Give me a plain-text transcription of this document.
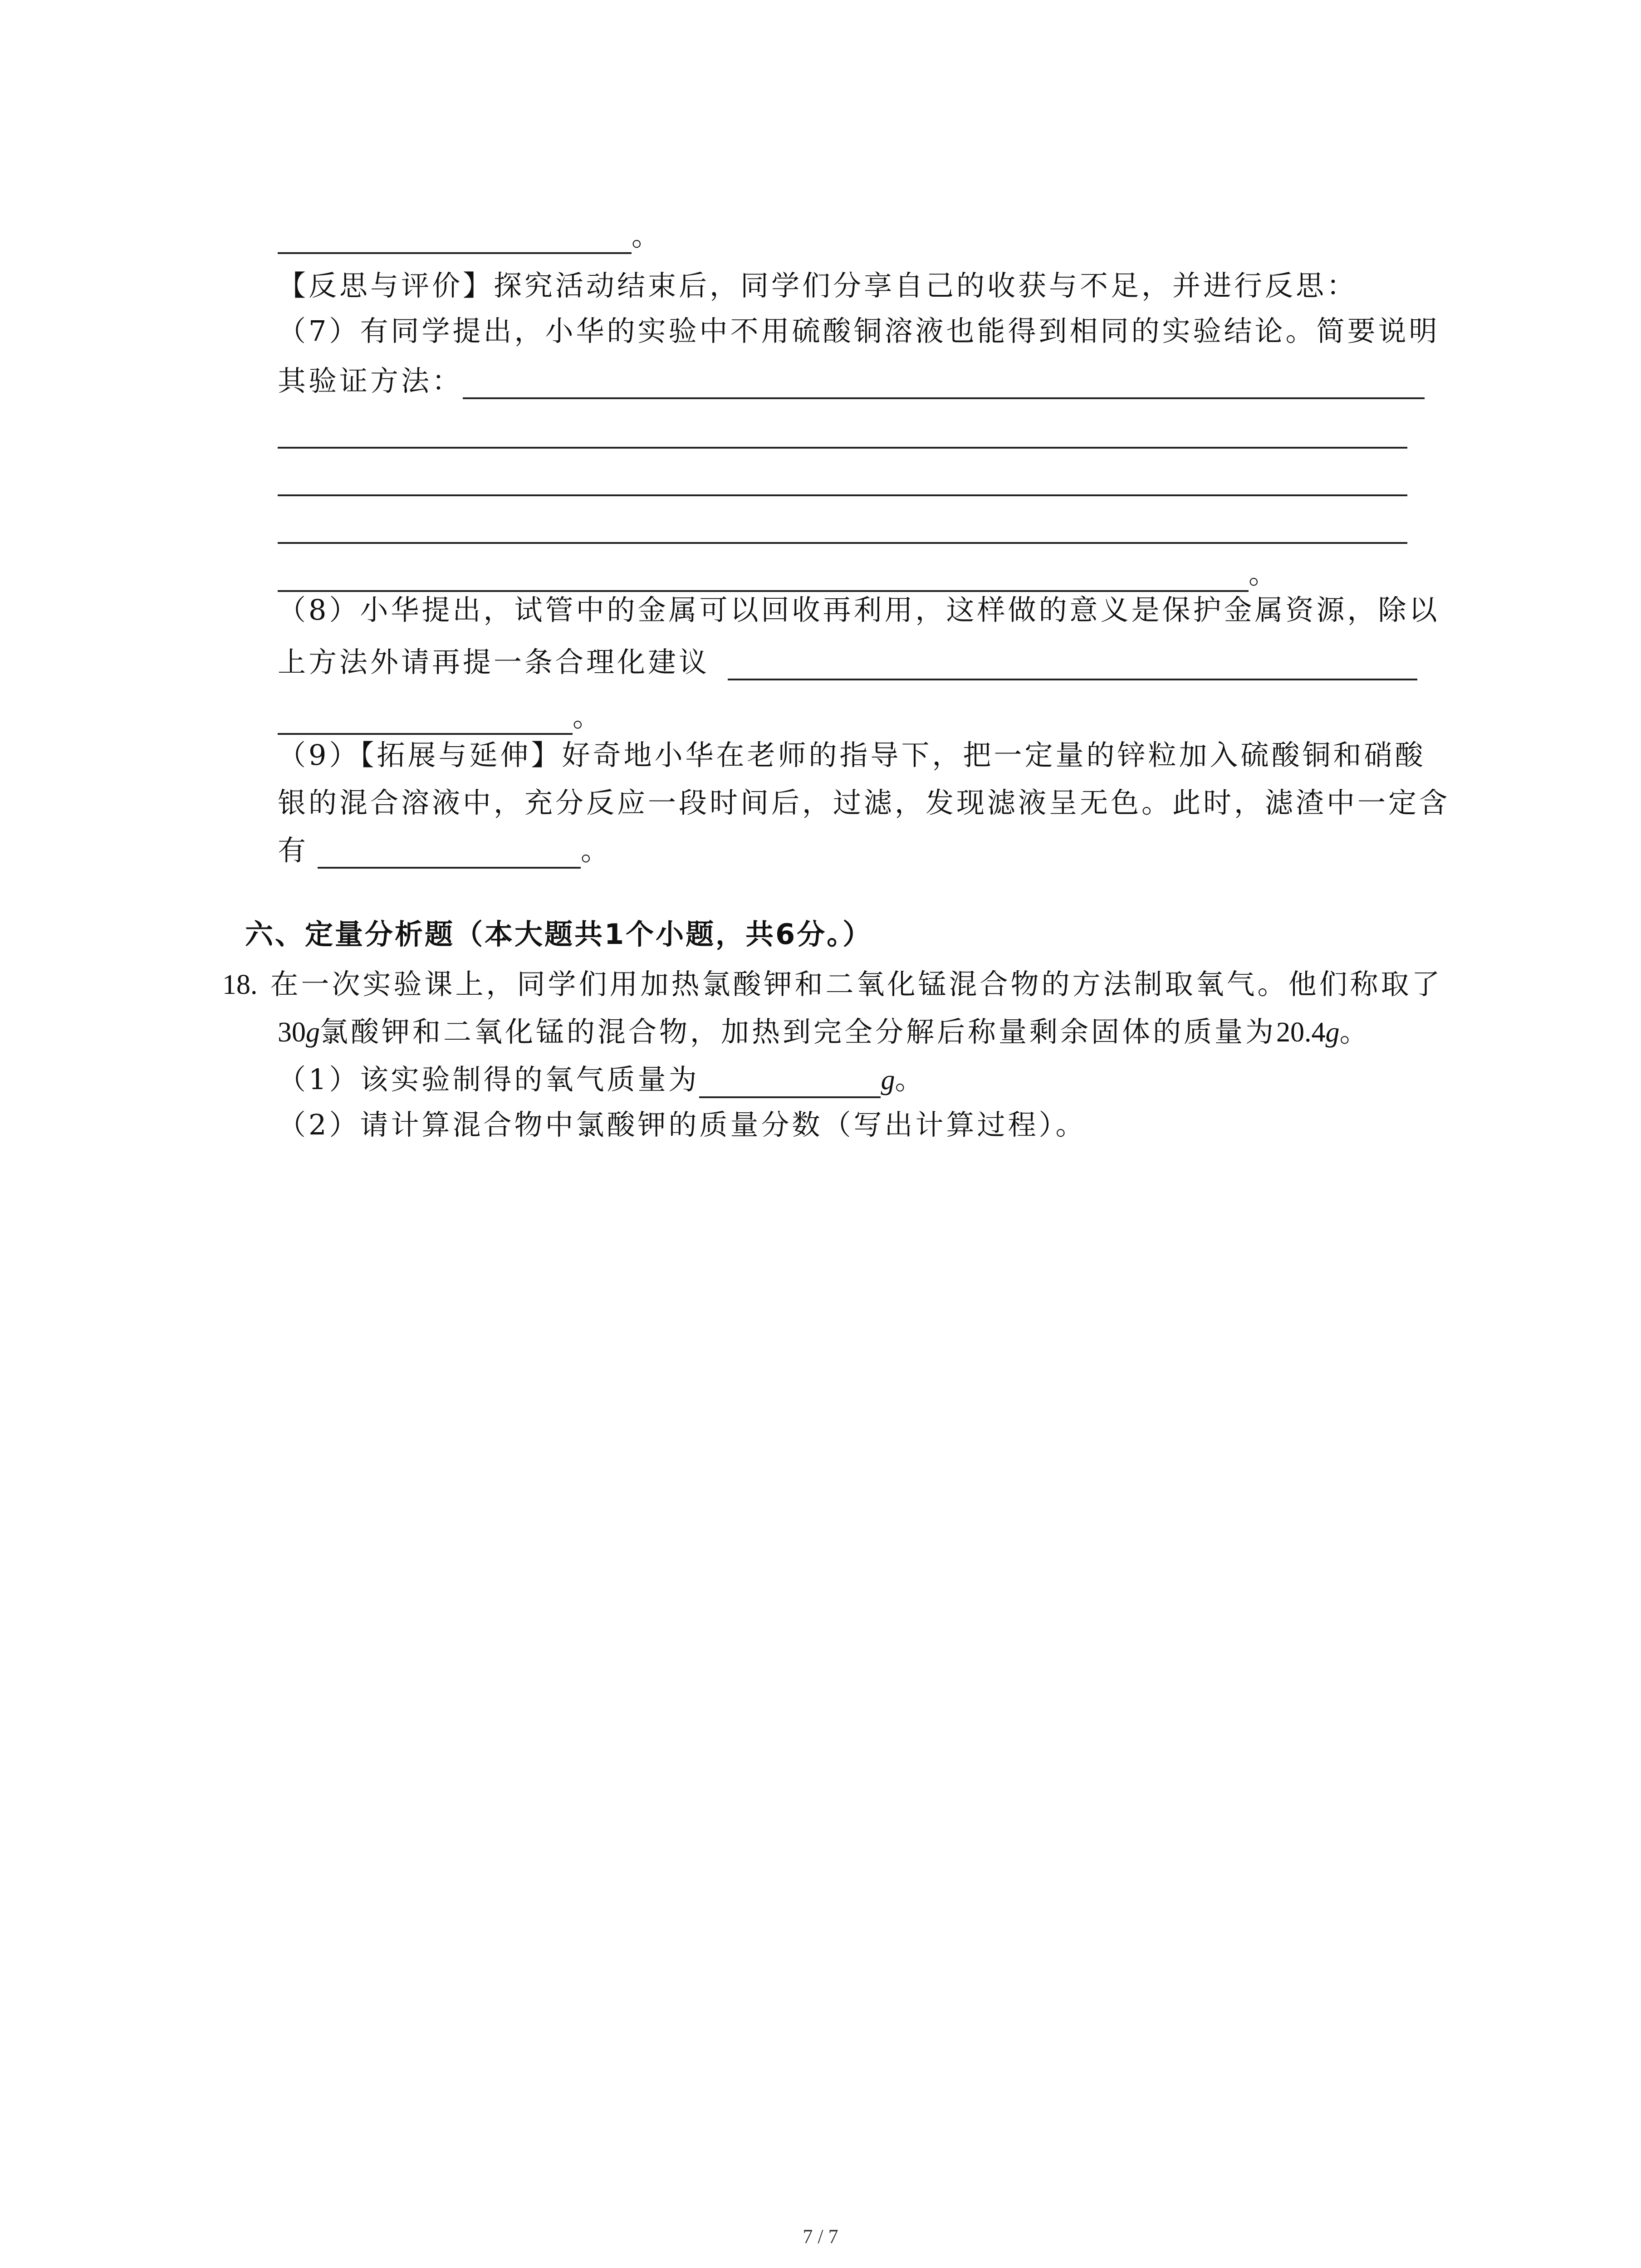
。
【反思与评价】探究活动结束后，同学们分享自己的收获与不足，并进行反思：
（7）有同学提出，小华的实验中不用硫酸铜溶液也能得到相同的实验结论。简要说明
其验证方法：
。
（8）小华提出，试管中的金属可以回收再利用，这样做的意义是保护金属资源，除以
上方法外请再提一条合理化建议
。
（9）【拓展与延伸】好奇地小华在老师的指导下，把一定量的锌粒加入硫酸铜和硝酸
银的混合溶液中，充分反应一段时间后，过滤，发现滤液呈无色。此时，滤渣中一定含
有	。
六、定量分析题（本大题共1个小题，共6分。）
18. 在一次实验课上，同学们用加热氯酸钾和二氧化锰混合物的方法制取氧气。他们称取了
30g氯酸钾和二氧化锰的混合物，加热到完全分解后称量剩余固体的质量为20.4g。
（1）该实验制得的氧气质量为	g。
（2）请计算混合物中氯酸钾的质量分数（写出计算过程）。
7 / 7
